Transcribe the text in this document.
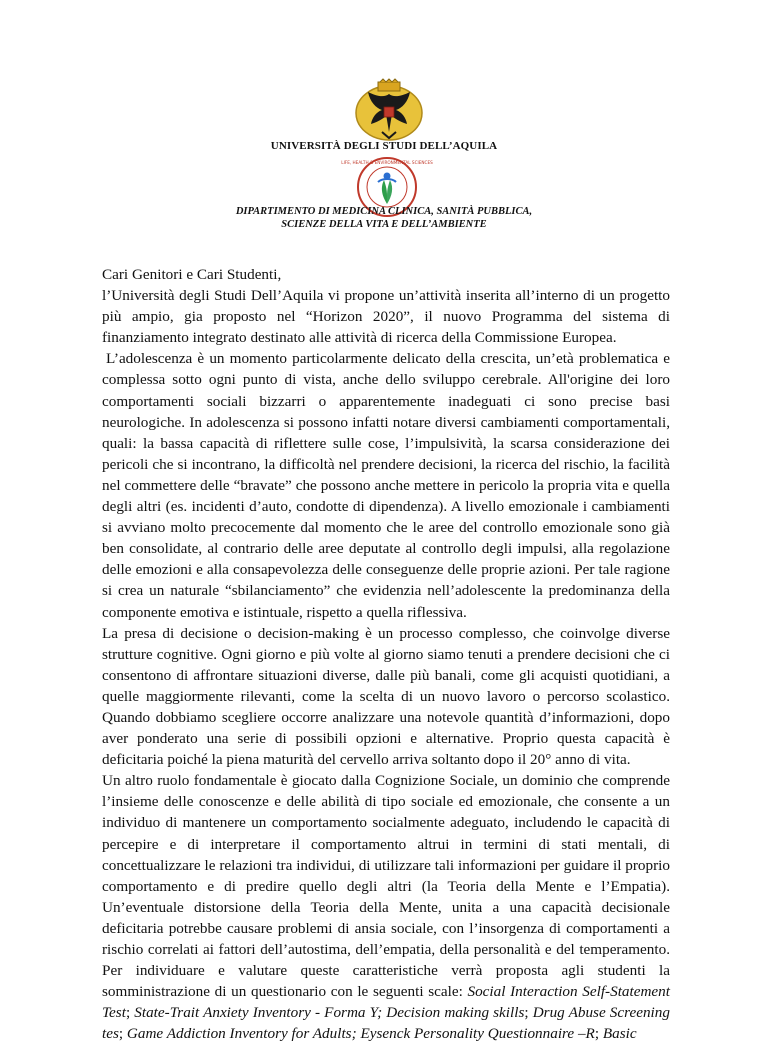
UNIVERSITÀ DEGLI STUDI DELL’AQUILA
LIFE, HEALTH & ENVIRONMENTAL SCIENCES
DIPARTIMENTO DI MEDICINA CLINICA, SANITÀ PUBBLICA,
SCIENZE DELLA VITA E DELL’AMBIENTE

Cari Genitori e Cari Studenti,

l’Università degli Studi Dell’Aquila vi propone un’attività inserita all’interno di un progetto più ampio, gia proposto nel “Horizon 2020”, il nuovo Programma del sistema di finanziamento integrato destinato alle attività di ricerca della Commissione Europea.

L’adolescenza è un momento particolarmente delicato della crescita, un’età problematica e complessa sotto ogni punto di vista, anche dello sviluppo cerebrale. All'origine dei loro comportamenti sociali bizzarri o apparentemente inadeguati ci sono precise basi neurologiche. In adolescenza si possono infatti notare diversi cambiamenti comportamentali, quali: la bassa capacità di riflettere sulle cose, l’impulsività, la scarsa considerazione dei pericoli che si incontrano, la difficoltà nel prendere decisioni, la ricerca del rischio, la facilità nel commettere delle “bravate” che possono anche mettere in pericolo la propria vita e quella degli altri (es. incidenti d’auto, condotte di dipendenza). A livello emozionale i cambiamenti si avviano molto precocemente dal momento che le aree del controllo emozionale sono già ben consolidate, al contrario delle aree deputate al controllo degli impulsi, alla regolazione delle emozioni e alla consapevolezza delle conseguenze delle proprie azioni. Per tale ragione si crea un naturale “sbilanciamento” che evidenzia nell’adolescente la predominanza della componente emotiva e istintuale, rispetto a quella riflessiva.

La presa di decisione o decision-making è un processo complesso, che coinvolge diverse strutture cognitive. Ogni giorno e più volte al giorno siamo tenuti a prendere decisioni che ci consentono di affrontare situazioni diverse, dalle più banali, come gli acquisti quotidiani, a quelle maggiormente rilevanti, come la scelta di un nuovo lavoro o percorso scolastico. Quando dobbiamo scegliere occorre analizzare una notevole quantità d’informazioni, dopo aver ponderato una serie di possibili opzioni e alternative. Proprio questa capacità è deficitaria poiché la piena maturità del cervello arriva soltanto dopo il 20° anno di vita.

Un altro ruolo fondamentale è giocato dalla Cognizione Sociale, un dominio che comprende l’insieme delle conoscenze e delle abilità di tipo sociale ed emozionale, che consente a un individuo di mantenere un comportamento socialmente adeguato, includendo le capacità di percepire e di interpretare il comportamento altrui in termini di stati mentali, di concettualizzare le relazioni tra individui, di utilizzare tali informazioni per guidare il proprio comportamento e di predire quello degli altri (la Teoria della Mente e l’Empatia). Un’eventuale distorsione della Teoria della Mente, unita a una capacità decisionale deficitaria potrebbe causare problemi di ansia sociale, con l’insorgenza di comportamenti a rischio correlati ai fattori dell’autostima, dell’empatia, della personalità e del temperamento. Per individuare e valutare queste caratteristiche verrà proposta agli studenti la somministrazione di un questionario con le seguenti scale: Social Interaction Self-Statement Test; State-Trait Anxiety Inventory - Forma Y; Decision making skills; Drug Abuse Screening tes; Game Addiction Inventory for Adults; Eysenck Personality Questionnaire –R; Basic
